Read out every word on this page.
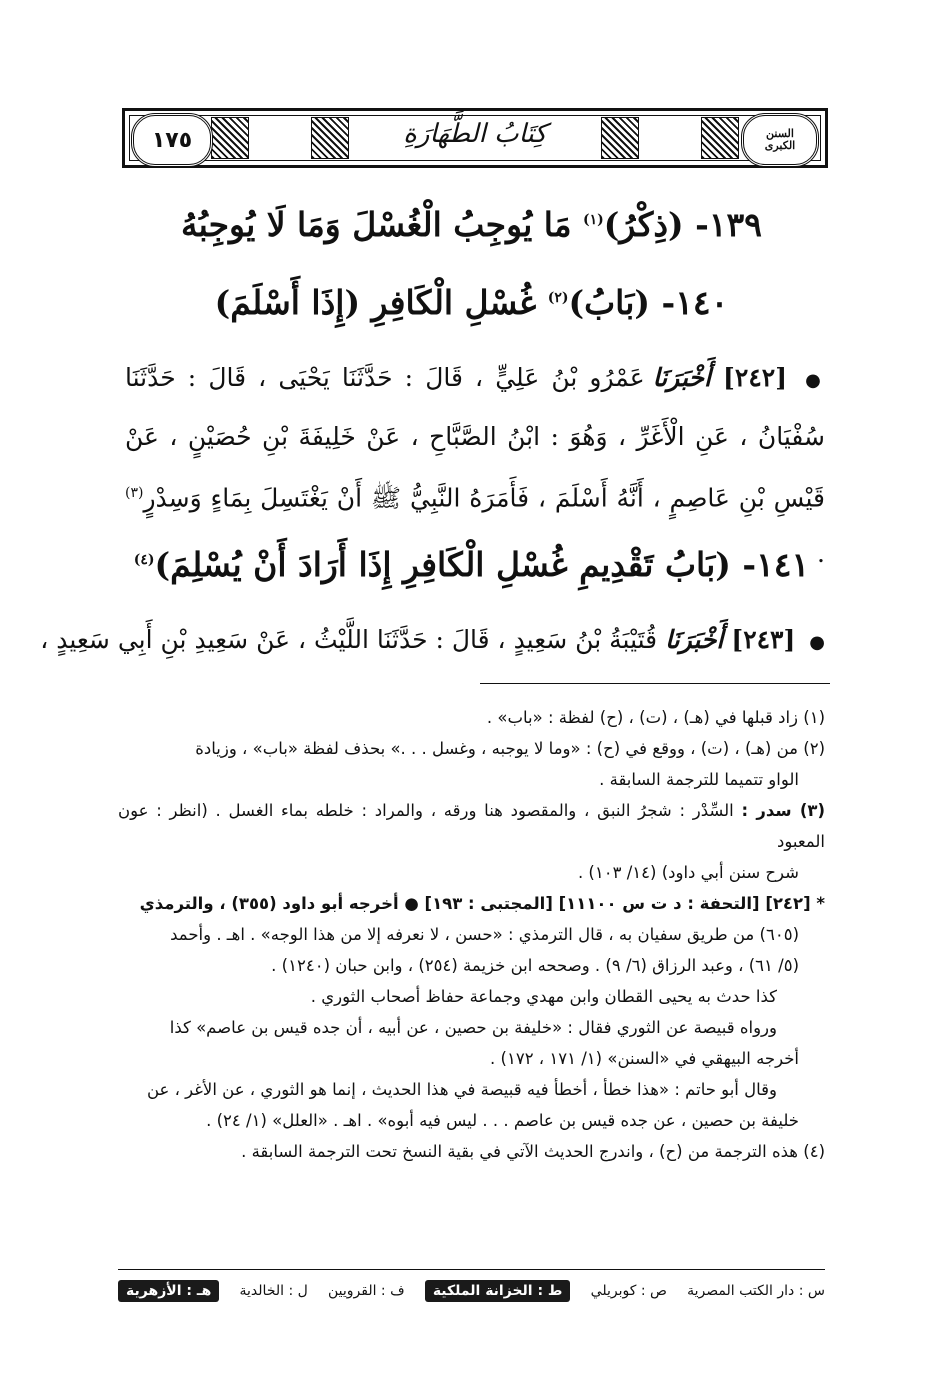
السنن
الكبرى
كِتَابُ الطَّهَارَةِ
١٧٥
١٣٩- (ذِكْرُ)$^{(١)}$ مَا يُوجِبُ الْغُسْلَ وَمَا لَا يُوجِبُهُ
١٤٠- (بَابُ)$^{(٢)}$ غُسْلِ الْكَافِرِ (إِذَا أَسْلَمَ)
● [٢٤٢] أَخْبَرَنَا عَمْرُو بْنُ عَلِيٍّ ، قَالَ : حَدَّثَنَا يَحْيَى ، قَالَ : حَدَّثَنَا سُفْيَانُ ، عَنِ الْأَغَرِّ ، وَهُوَ : ابْنُ الصَّبَّاحِ ، عَنْ خَلِيفَةَ بْنِ حُصَيْنٍ ، عَنْ قَيْسِ بْنِ عَاصِمٍ ، أَنَّهُ أَسْلَمَ ، فَأَمَرَهُ النَّبِيُّ ﷺ أَنْ يَغْتَسِلَ بِمَاءٍ وَسِدْرٍ$^{(٣)}$ .
١٤١- (بَابُ تَقْدِيمِ غُسْلِ الْكَافِرِ إِذَا أَرَادَ أَنْ يُسْلِمَ)$^{(٤)}$
● [٢٤٣] أَخْبَرَنَا قُتَيْبَةُ بْنُ سَعِيدٍ ، قَالَ : حَدَّثَنَا اللَّيْثُ ، عَنْ سَعِيدِ بْنِ أَبِي سَعِيدٍ ،

(١) زاد قبلها في (هـ) ، (ت) ، (ح) لفظة : «باب» .

(٢) من (هـ) ، (ت) ، ووقع في (ح) : «وما لا يوجبه ، وغسل . . .» بحذف لفظة «باب» ، وزيادة

الواو تتميما للترجمة السابقة .

(٣) سدر : السِّدْر : شجرُ النبق ، والمقصود هنا ورقه ، والمراد : خلطه بماء الغسل . (انظر : عون المعبود

شرح سنن أبي داود) (١٤/ ١٠٣) .

* [٢٤٢] [التحفة : د ت س ١١١٠٠] [المجتبى : ١٩٣] ● أخرجه أبو داود (٣٥٥) ، والترمذي

(٦٠٥) من طريق سفيان به ، قال الترمذي : «حسن ، لا نعرفه إلا من هذا الوجه» . اهـ . وأحمد

(٥/ ٦١) ، وعبد الرزاق (٦/ ٩) . وصححه ابن خزيمة (٢٥٤) ، وابن حبان (١٢٤٠) .

كذا حدث به يحيى القطان وابن مهدي وجماعة حفاظ أصحاب الثوري .

ورواه قبيصة عن الثوري فقال : «خليفة بن حصين ، عن أبيه ، أن جده قيس بن عاصم» كذا

أخرجه البيهقي في «السنن» (١/ ١٧١ ، ١٧٢) .

وقال أبو حاتم : «هذا خطأ ، أخطأ فيه قبيصة في هذا الحديث ، إنما هو الثوري ، عن الأغر ، عن

خليفة بن حصين ، عن جده قيس بن عاصم . . . ليس فيه أبوه» . اهـ . «العلل» (١/ ٢٤) .

(٤) هذه الترجمة من (ح) ، واندرج الحديث الآتي في بقية النسخ تحت الترجمة السابقة .

س : دار الكتب المصرية
ص : كوبريلي
ط : الخزانة الملكية
ف : القرويين
ل : الخالدية
هـ : الأزهرية
